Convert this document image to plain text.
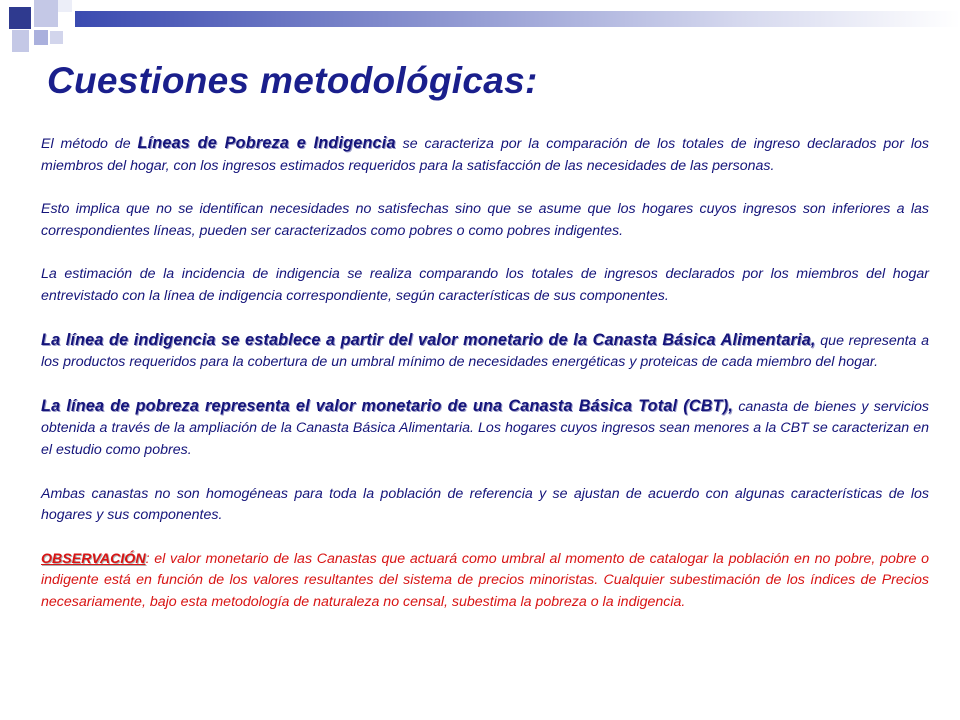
Cuestiones metodológicas:

El método de Líneas de Pobreza e Indigencia se caracteriza por la comparación de los totales de ingreso declarados por los miembros del hogar, con los ingresos estimados requeridos para la satisfacción de las necesidades de las personas.

Esto implica que no se identifican necesidades no satisfechas sino que se asume que los hogares cuyos ingresos son inferiores a las correspondientes líneas, pueden ser caracterizados como pobres o como pobres indigentes.

La estimación de la incidencia de indigencia se realiza comparando los totales de ingresos declarados por los miembros del hogar entrevistado con la línea de indigencia correspondiente, según características de sus componentes.

La línea de indigencia se establece a partir del valor monetario de la Canasta Básica Alimentaria, que representa a los productos requeridos para la cobertura de un umbral mínimo de necesidades energéticas y proteicas de cada miembro del hogar.

La línea de pobreza representa el valor monetario de una Canasta Básica Total (CBT), canasta de bienes y servicios obtenida a través de la ampliación de la Canasta Básica Alimentaria. Los hogares cuyos ingresos sean menores a la CBT se caracterizan en el estudio como pobres.

Ambas canastas no son homogéneas para toda la población de referencia y se ajustan de acuerdo con algunas características de los hogares y sus componentes.

OBSERVACIÓN: el valor monetario de las Canastas que actuará como umbral al momento de catalogar la población en no pobre, pobre o indigente está en función de los valores resultantes del sistema de precios minoristas. Cualquier subestimación de los índices de Precios necesariamente, bajo esta metodología de naturaleza no censal, subestima la pobreza o la indigencia.
